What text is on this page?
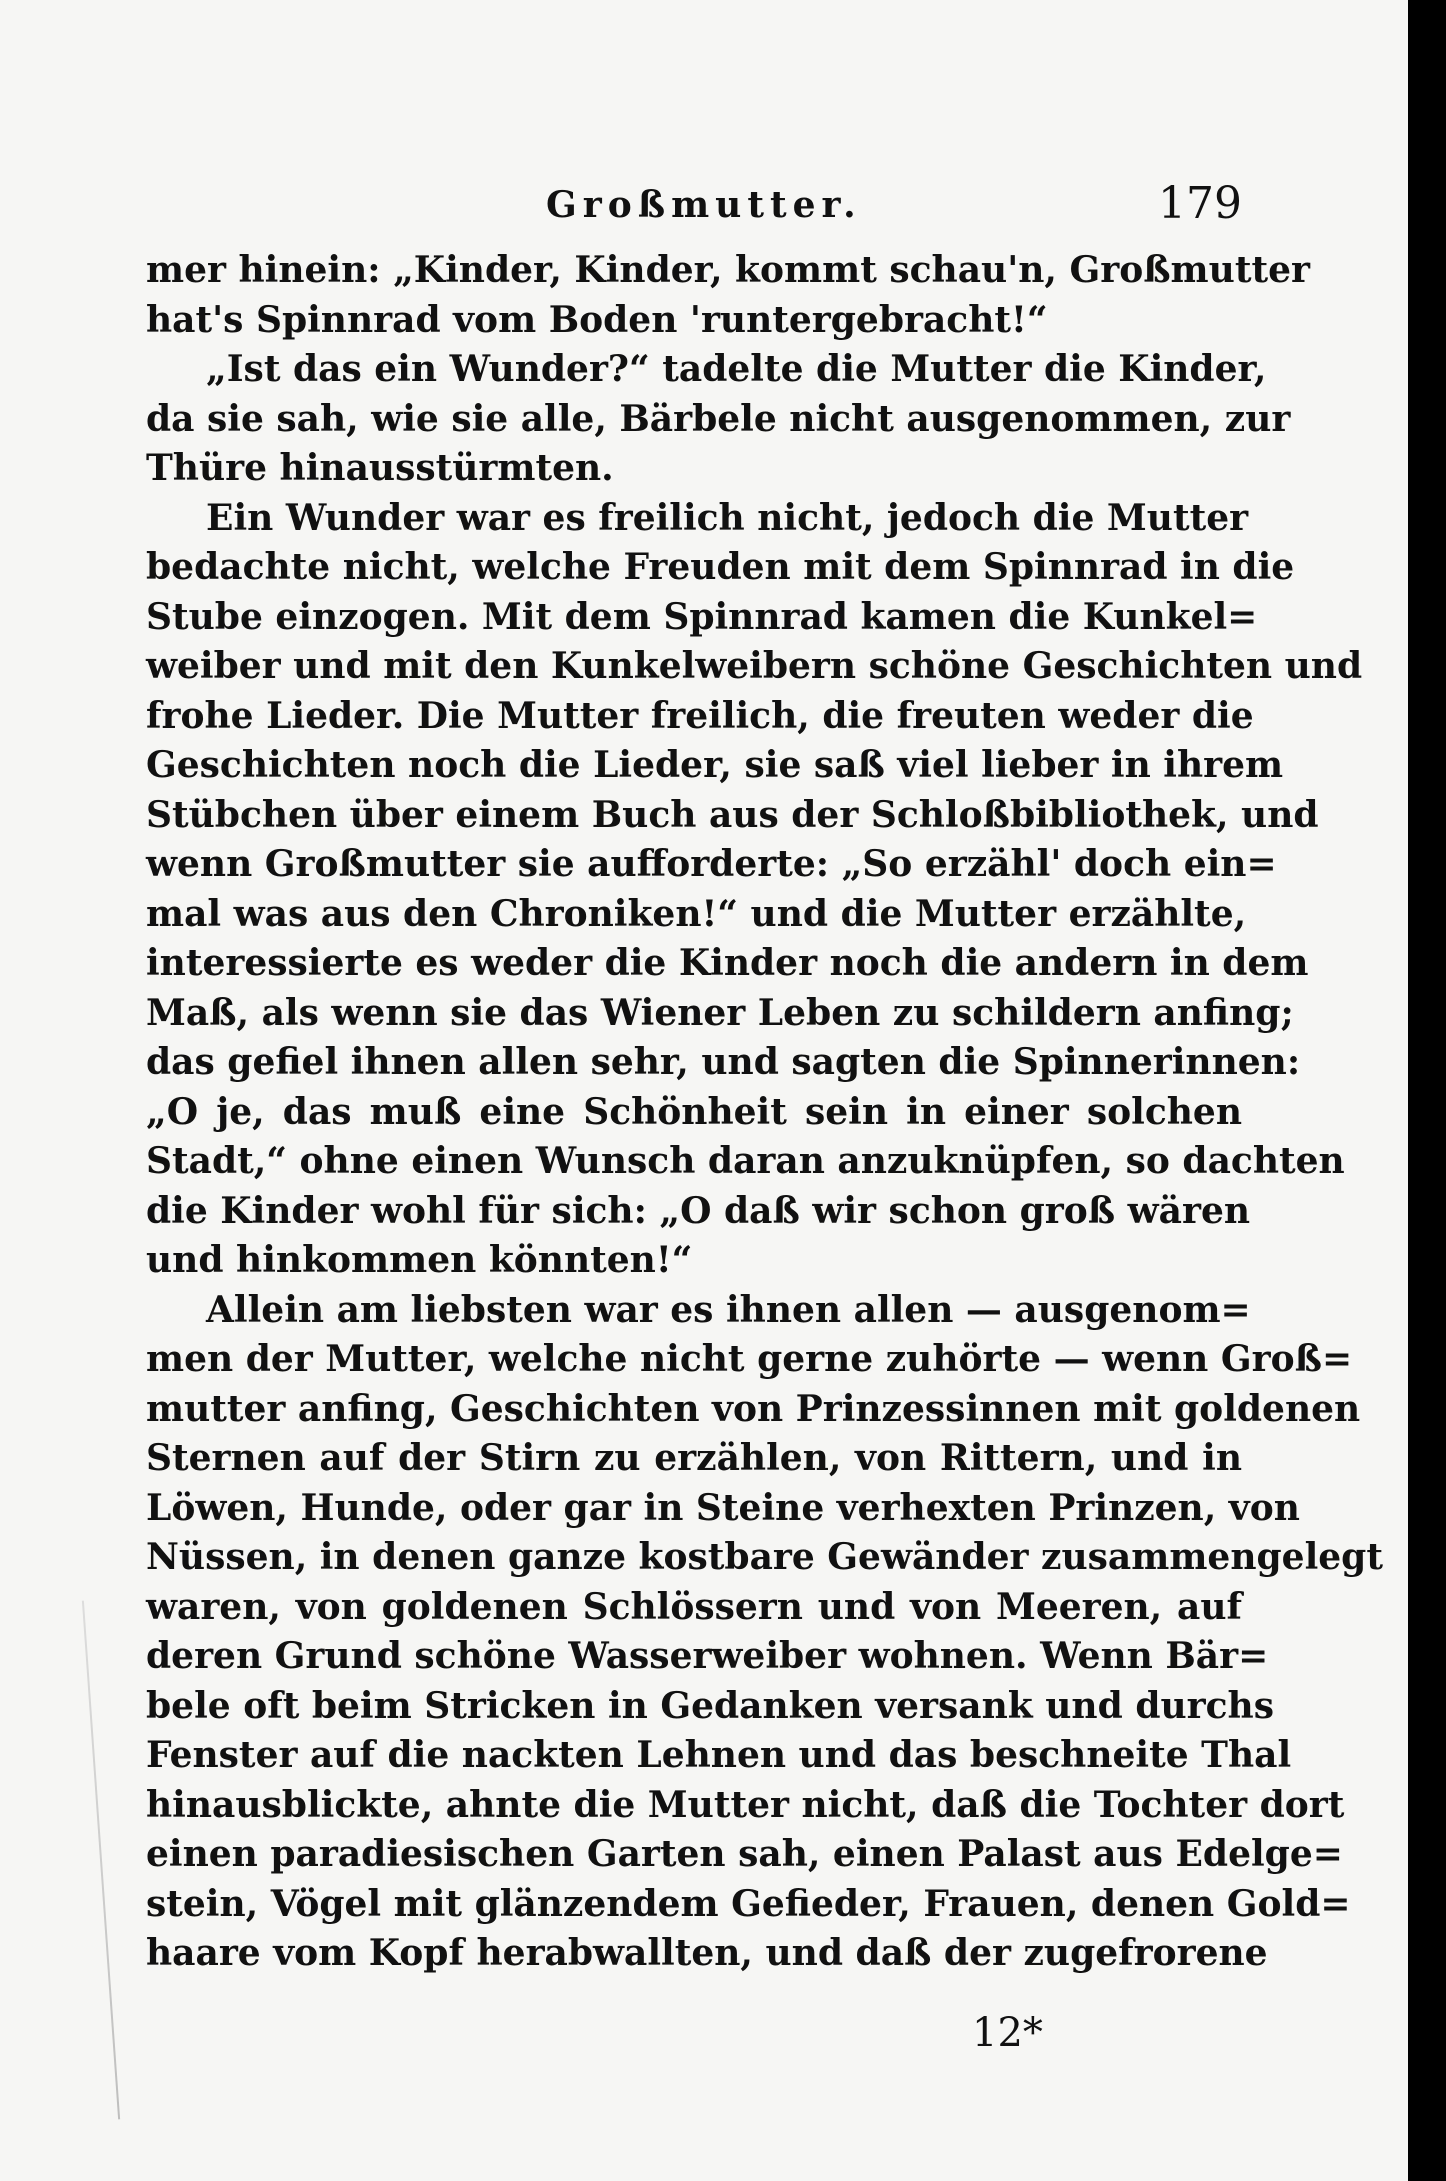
Großmutter.	179
mer hinein: „Kinder, Kinder, kommt schau'n, Großmutter
hat's Spinnrad vom Boden 'runtergebracht!“
„Ist das ein Wunder?“ tadelte die Mutter die Kinder,
da sie sah, wie sie alle, Bärbele nicht ausgenommen, zur
Thüre hinausstürmten.
Ein Wunder war es freilich nicht, jedoch die Mutter
bedachte nicht, welche Freuden mit dem Spinnrad in die
Stube einzogen. Mit dem Spinnrad kamen die Kunkel=
weiber und mit den Kunkelweibern schöne Geschichten und
frohe Lieder. Die Mutter freilich, die freuten weder die
Geschichten noch die Lieder, sie saß viel lieber in ihrem
Stübchen über einem Buch aus der Schloßbibliothek, und
wenn Großmutter sie aufforderte: „So erzähl' doch ein=
mal was aus den Chroniken!“ und die Mutter erzählte,
interessierte es weder die Kinder noch die andern in dem
Maß, als wenn sie das Wiener Leben zu schildern anfing;
das gefiel ihnen allen sehr, und sagten die Spinnerinnen:
„O je, das muß eine Schönheit sein in einer solchen
Stadt,“ ohne einen Wunsch daran anzuknüpfen, so dachten
die Kinder wohl für sich: „O daß wir schon groß wären
und hinkommen könnten!“
Allein am liebsten war es ihnen allen — ausgenom=
men der Mutter, welche nicht gerne zuhörte — wenn Groß=
mutter anfing, Geschichten von Prinzessinnen mit goldenen
Sternen auf der Stirn zu erzählen, von Rittern, und in
Löwen, Hunde, oder gar in Steine verhexten Prinzen, von
Nüssen, in denen ganze kostbare Gewänder zusammengelegt
waren, von goldenen Schlössern und von Meeren, auf
deren Grund schöne Wasserweiber wohnen. Wenn Bär=
bele oft beim Stricken in Gedanken versank und durchs
Fenster auf die nackten Lehnen und das beschneite Thal
hinausblickte, ahnte die Mutter nicht, daß die Tochter dort
einen paradiesischen Garten sah, einen Palast aus Edelge=
stein, Vögel mit glänzendem Gefieder, Frauen, denen Gold=
haare vom Kopf herabwallten, und daß der zugefrorene
12*
